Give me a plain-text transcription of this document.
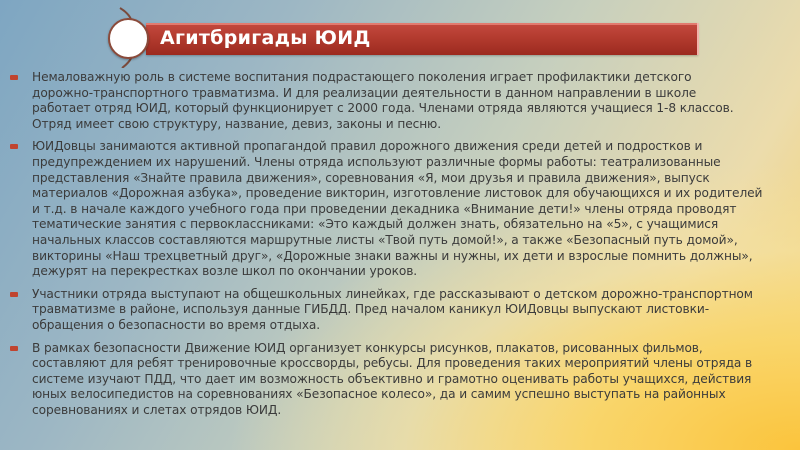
Агитбригады ЮИД
Немаловажную роль в системе воспитания подрастающего поколения играет профилактики детского
дорожно-транспортного травматизма. И для реализации деятельности в данном направлении в школе
работает отряд ЮИД, который функционирует с 2000 года. Членами отряда являются учащиеся 1-8 классов.
Отряд имеет свою структуру, название, девиз, законы и песню.
ЮИДовцы занимаются активной пропагандой правил дорожного движения среди детей и подростков и
предупреждением их нарушений. Члены отряда используют различные формы работы: театрализованные
представления «Знайте правила движения», соревнования «Я, мои друзья и правила движения», выпуск
материалов «Дорожная азбука», проведение викторин, изготовление листовок для обучающихся и их родителей
и т.д. в начале каждого учебного года при проведении декадника «Внимание дети!» члены отряда проводят
тематические занятия с первоклассниками: «Это каждый должен знать, обязательно на «5», с учащимися
начальных классов составляются маршрутные листы «Твой путь домой!», а также «Безопасный путь домой»,
викторины «Наш трехцветный друг», «Дорожные знаки важны и нужны, их дети и взрослые помнить должны»,
дежурят на перекрестках возле школ по окончании уроков.
Участники отряда выступают на общешкольных линейках, где рассказывают о детском дорожно-транспортном
травматизме в районе, используя данные ГИБДД. Пред началом каникул ЮИДовцы выпускают листовки-
обращения о безопасности во время отдыха.
В рамках безопасности Движение ЮИД организует конкурсы рисунков, плакатов, рисованных фильмов,
составляют для ребят тренировочные кроссворды, ребусы. Для проведения таких мероприятий члены отряда в
системе изучают ПДД, что дает им возможность объективно и грамотно оценивать работы учащихся, действия
юных велосипедистов на соревнованиях «Безопасное колесо», да и самим успешно выступать на районных
соревнованиях и слетах отрядов ЮИД.
